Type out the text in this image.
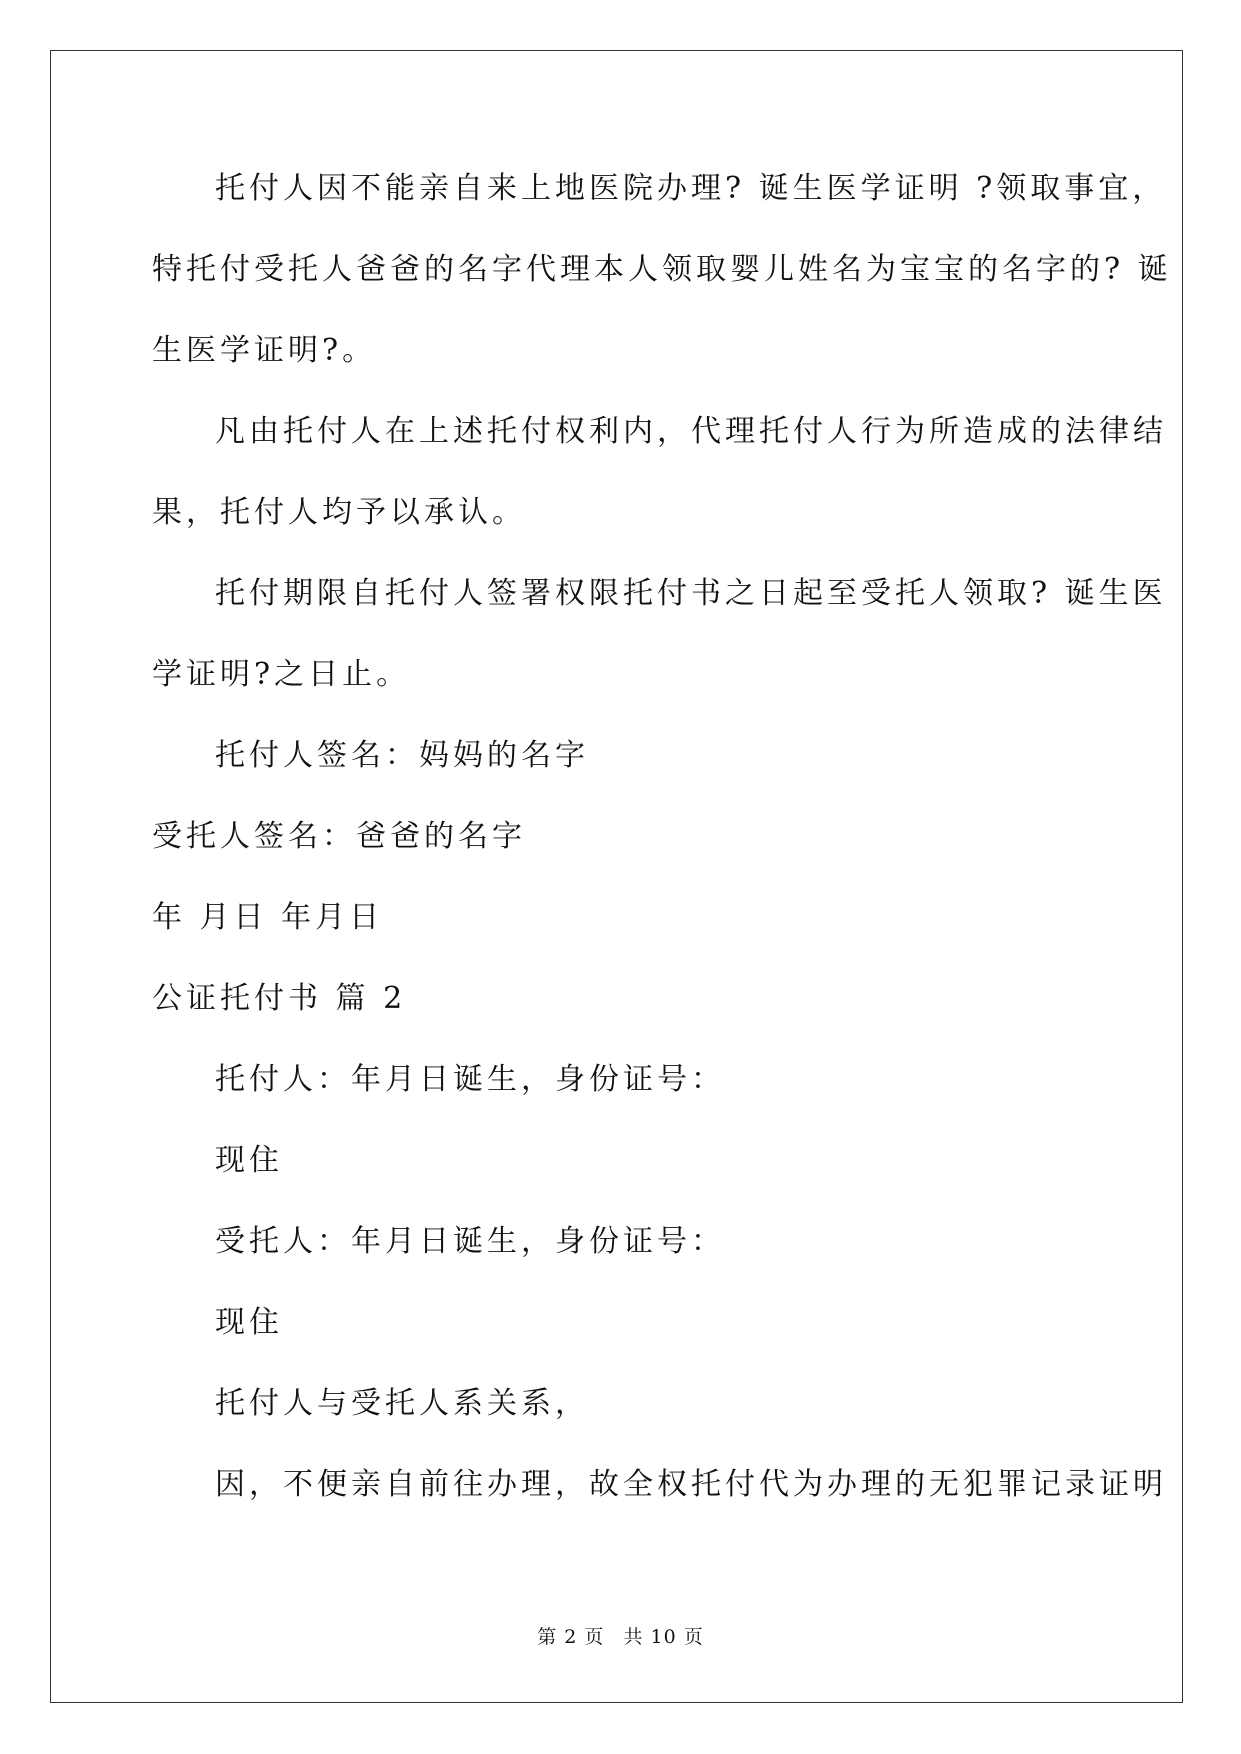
托付人因不能亲自来上地医院办理? 诞生医学证明 ?领取事宜，
特托付受托人爸爸的名字代理本人领取婴儿姓名为宝宝的名字的? 诞
生医学证明?。
凡由托付人在上述托付权利内，代理托付人行为所造成的法律结
果，托付人均予以承认。
托付期限自托付人签署权限托付书之日起至受托人领取? 诞生医
学证明?之日止。
托付人签名：妈妈的名字
受托人签名：爸爸的名字
年 月日 年月日
公证托付书 篇 2
托付人：年月日诞生，身份证号：
现住
受托人：年月日诞生，身份证号：
现住
托付人与受托人系关系，
因，不便亲自前往办理，故全权托付代为办理的无犯罪记录证明
第 2 页 共 10 页
